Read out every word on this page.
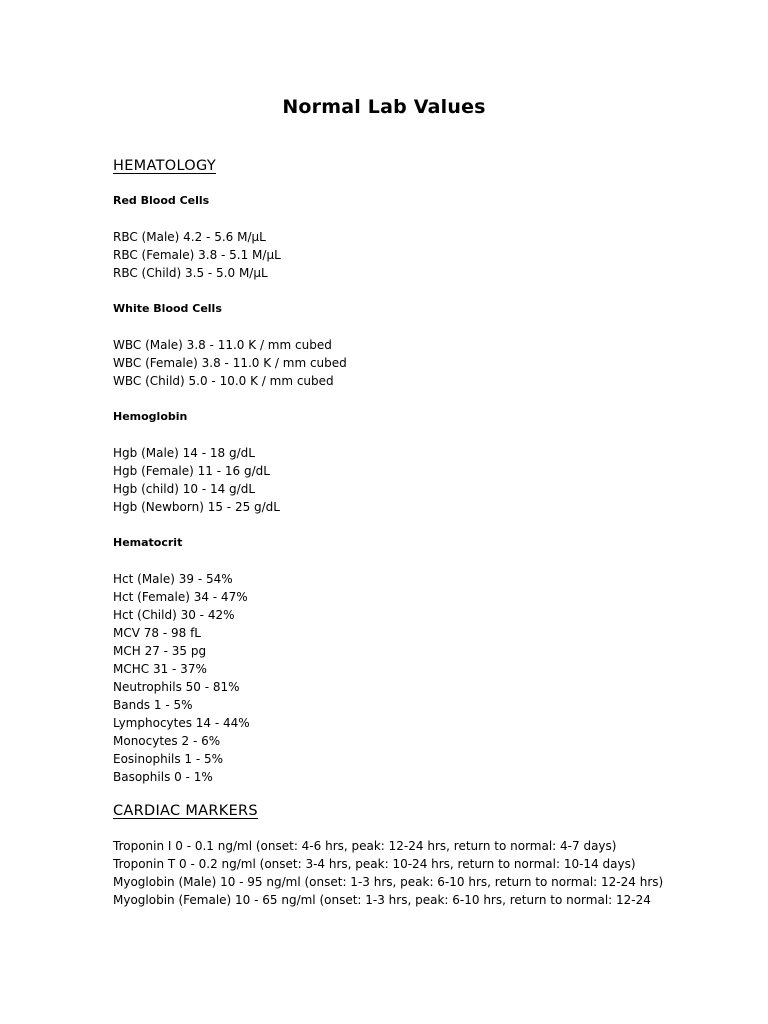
Normal Lab Values
HEMATOLOGY
Red Blood Cells
RBC (Male) 4.2 - 5.6 M/μL
RBC (Female) 3.8 - 5.1 M/μL
RBC (Child) 3.5 - 5.0 M/μL
White Blood Cells
WBC (Male) 3.8 - 11.0 K / mm cubed
WBC (Female) 3.8 - 11.0 K / mm cubed
WBC (Child) 5.0 - 10.0 K / mm cubed
Hemoglobin
Hgb (Male) 14 - 18 g/dL
Hgb (Female) 11 - 16 g/dL
Hgb (child) 10 - 14 g/dL
Hgb (Newborn) 15 - 25 g/dL
Hematocrit
Hct (Male) 39 - 54%
Hct (Female) 34 - 47%
Hct (Child) 30 - 42%
MCV 78 - 98 fL
MCH 27 - 35 pg
MCHC 31 - 37%
Neutrophils 50 - 81%
Bands 1 - 5%
Lymphocytes 14 - 44%
Monocytes 2 - 6%
Eosinophils 1 - 5%
Basophils 0 - 1%
CARDIAC MARKERS
Troponin I 0 - 0.1 ng/ml (onset: 4-6 hrs, peak: 12-24 hrs, return to normal: 4-7 days)
Troponin T 0 - 0.2 ng/ml (onset: 3-4 hrs, peak: 10-24 hrs, return to normal: 10-14 days)
Myoglobin (Male) 10 - 95 ng/ml (onset: 1-3 hrs, peak: 6-10 hrs, return to normal: 12-24 hrs)
Myoglobin (Female) 10 - 65 ng/ml (onset: 1-3 hrs, peak: 6-10 hrs, return to normal: 12-24
